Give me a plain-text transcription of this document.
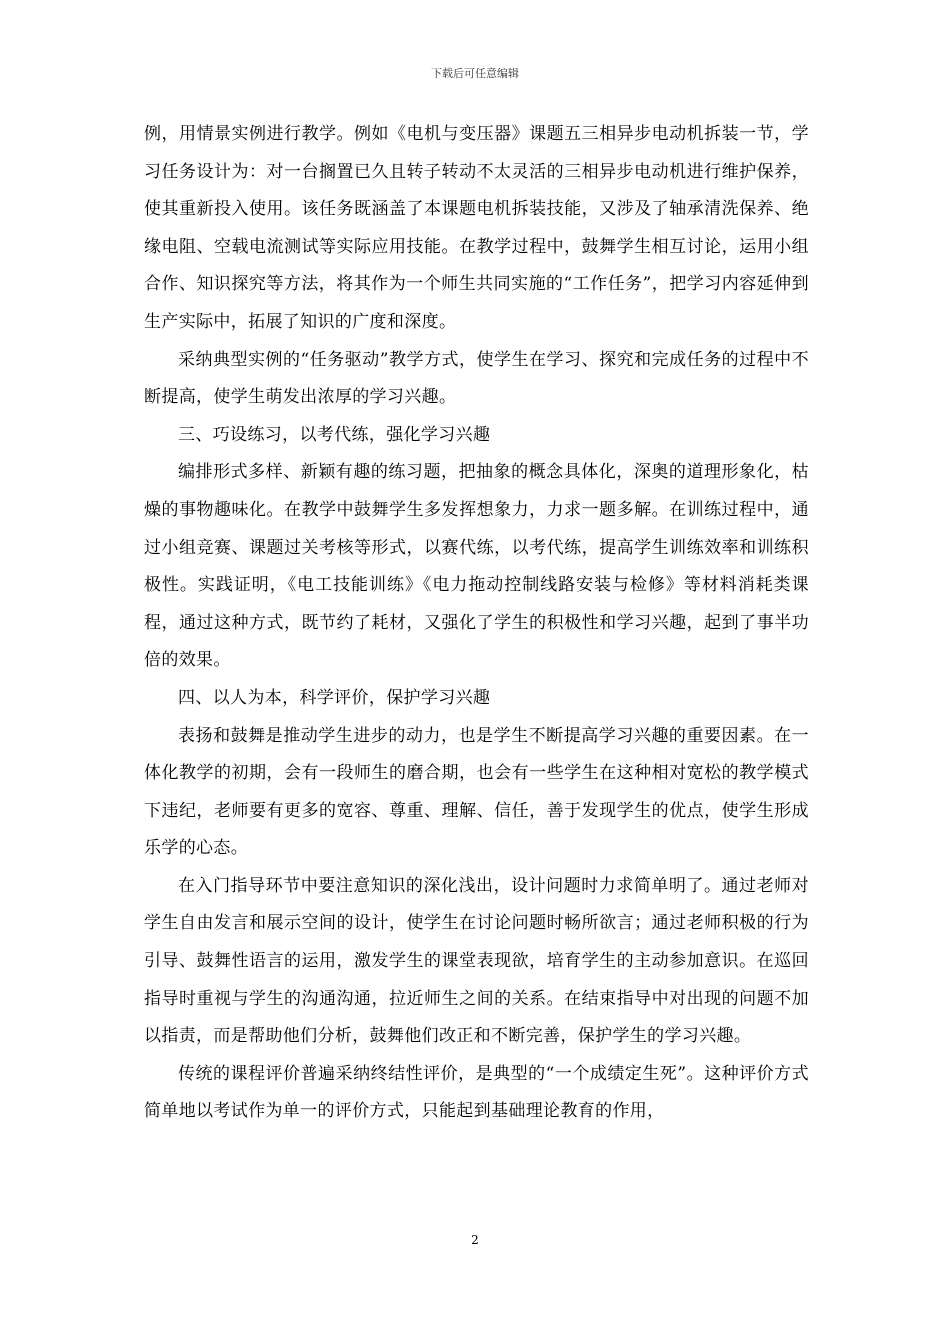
下载后可任意编辑

例，用情景实例进行教学。例如《电机与变压器》课题五三相异步电动机拆装一节，学习任务设计为：对一台搁置已久且转子转动不太灵活的三相异步电动机进行维护保养，使其重新投入使用。该任务既涵盖了本课题电机拆装技能，又涉及了轴承清洗保养、绝缘电阻、空载电流测试等实际应用技能。在教学过程中，鼓舞学生相互讨论，运用小组合作、知识探究等方法，将其作为一个师生共同实施的“工作任务”，把学习内容延伸到生产实际中，拓展了知识的广度和深度。

采纳典型实例的“任务驱动”教学方式，使学生在学习、探究和完成任务的过程中不断提高，使学生萌发出浓厚的学习兴趣。

三、巧设练习，以考代练，强化学习兴趣

编排形式多样、新颖有趣的练习题，把抽象的概念具体化，深奥的道理形象化，枯燥的事物趣味化。在教学中鼓舞学生多发挥想象力，力求一题多解。在训练过程中，通过小组竞赛、课题过关考核等形式，以赛代练，以考代练，提高学生训练效率和训练积极性。实践证明，《电工技能训练》《电力拖动控制线路安装与检修》等材料消耗类课程，通过这种方式，既节约了耗材，又强化了学生的积极性和学习兴趣，起到了事半功倍的效果。

四、以人为本，科学评价，保护学习兴趣

表扬和鼓舞是推动学生进步的动力，也是学生不断提高学习兴趣的重要因素。在一体化教学的初期，会有一段师生的磨合期，也会有一些学生在这种相对宽松的教学模式下违纪，老师要有更多的宽容、尊重、理解、信任，善于发现学生的优点，使学生形成乐学的心态。

在入门指导环节中要注意知识的深化浅出，设计问题时力求简单明了。通过老师对学生自由发言和展示空间的设计，使学生在讨论问题时畅所欲言；通过老师积极的行为引导、鼓舞性语言的运用，激发学生的课堂表现欲，培育学生的主动参加意识。在巡回指导时重视与学生的沟通沟通，拉近师生之间的关系。在结束指导中对出现的问题不加以指责，而是帮助他们分析，鼓舞他们改正和不断完善，保护学生的学习兴趣。

传统的课程评价普遍采纳终结性评价，是典型的“一个成绩定生死”。这种评价方式简单地以考试作为单一的评价方式，只能起到基础理论教育的作用，

2
